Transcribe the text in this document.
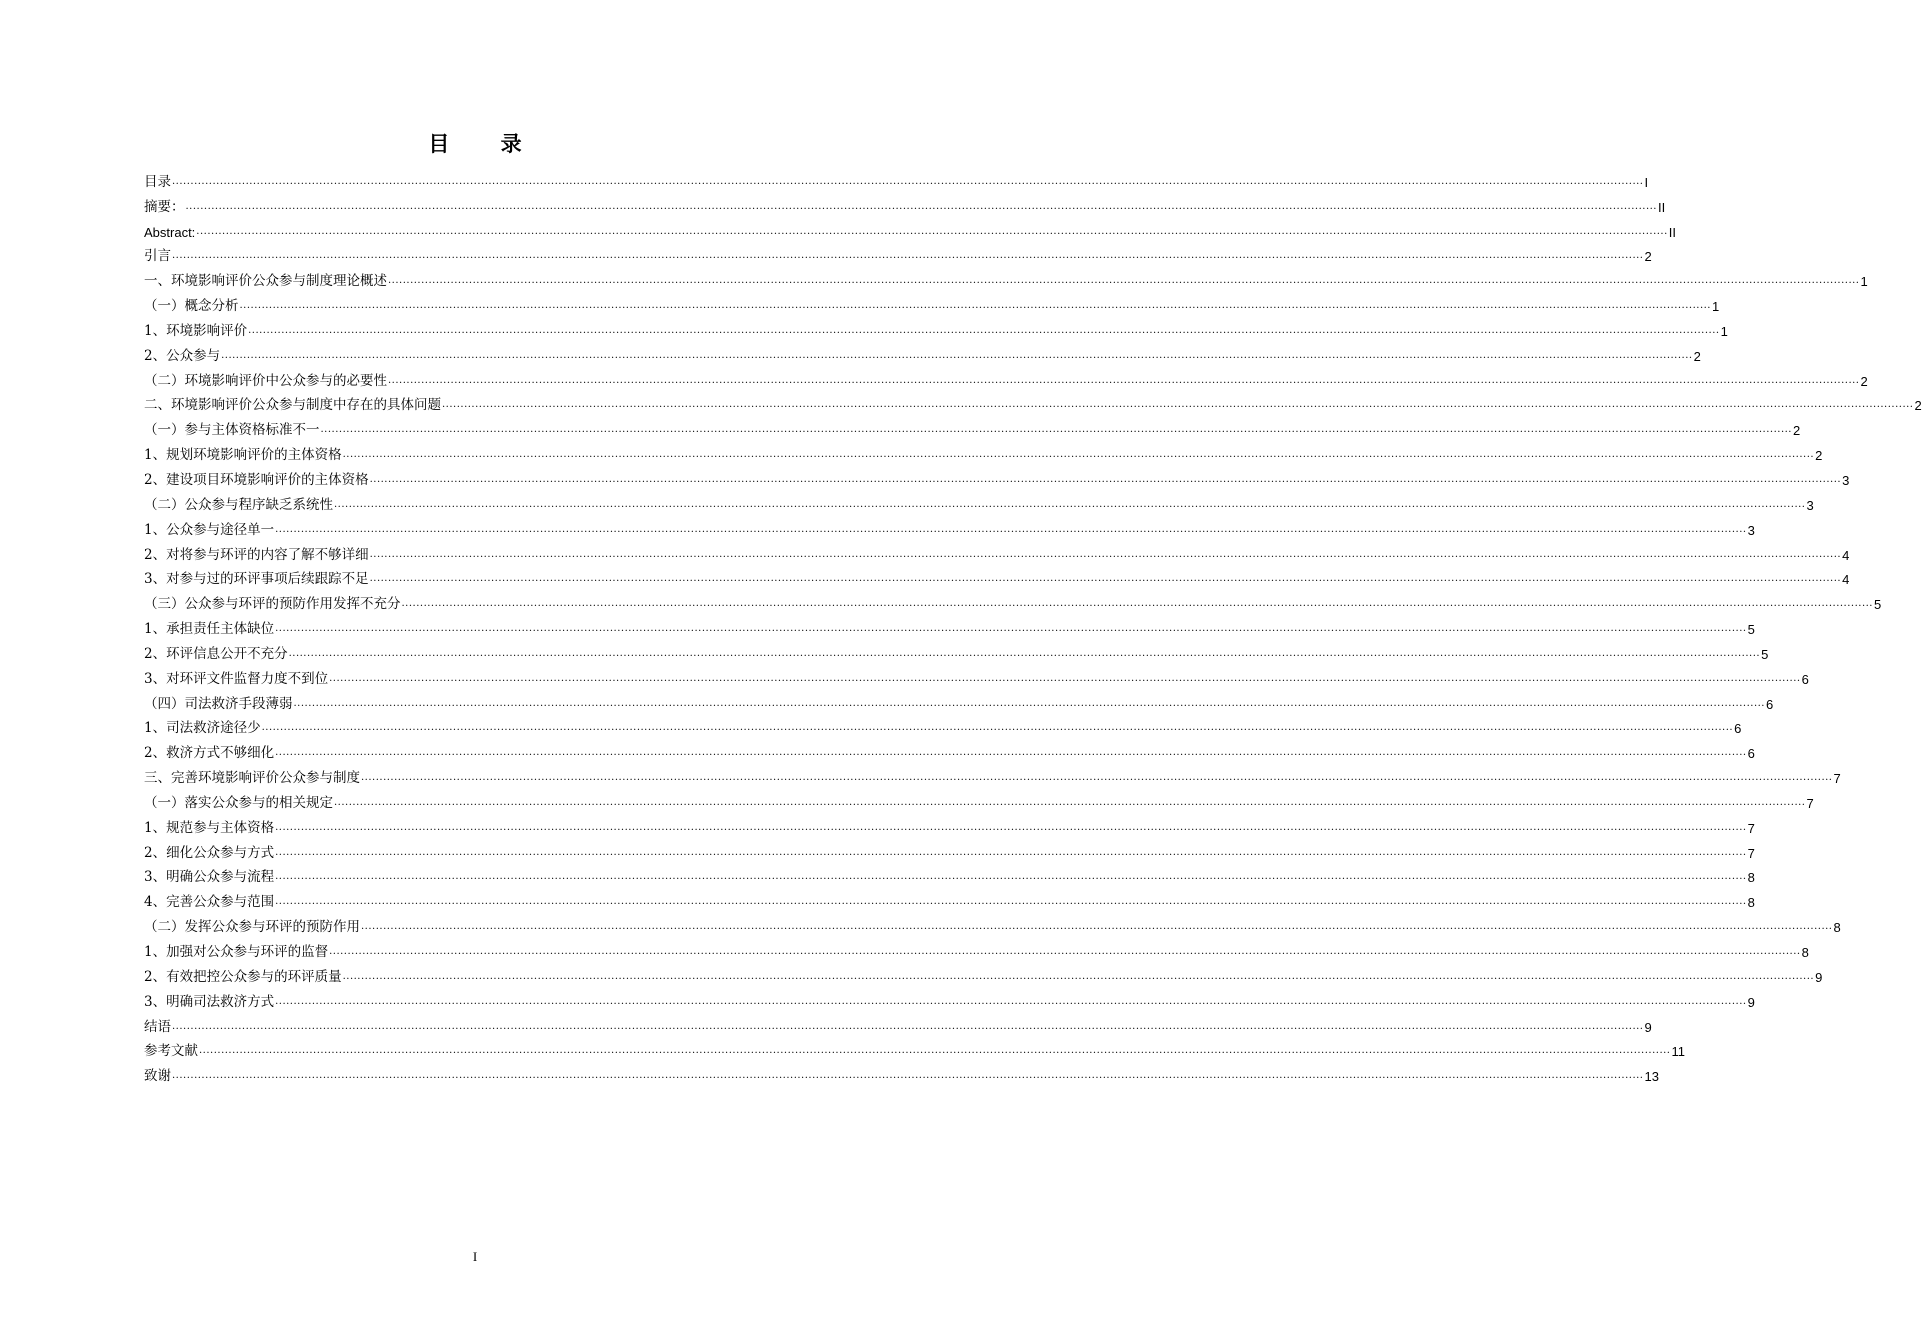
目 录
目录 ................................................................................................................................................................................................................................................................................................................................................................................................................ I
摘要： ................................................................................................................................................................................................................................................................................................................................................................................................................ II
Abstract: ................................................................................................................................................................................................................................................................................................................................................................................................................ II
引言 ................................................................................................................................................................................................................................................................................................................................................................................................................ 2
一、环境影响评价公众参与制度理论概述 ................................................................................................................................................................................................................................................................................................................................................................................................................ 1
（一）概念分析 ................................................................................................................................................................................................................................................................................................................................................................................................................ 1
1、环境影响评价 ................................................................................................................................................................................................................................................................................................................................................................................................................ 1
2、公众参与 ................................................................................................................................................................................................................................................................................................................................................................................................................ 2
（二）环境影响评价中公众参与的必要性 ................................................................................................................................................................................................................................................................................................................................................................................................................ 2
二、环境影响评价公众参与制度中存在的具体问题 ................................................................................................................................................................................................................................................................................................................................................................................................................ 2
（一）参与主体资格标准不一 ................................................................................................................................................................................................................................................................................................................................................................................................................ 2
1、规划环境影响评价的主体资格 ................................................................................................................................................................................................................................................................................................................................................................................................................ 2
2、建设项目环境影响评价的主体资格 ................................................................................................................................................................................................................................................................................................................................................................................................................ 3
（二）公众参与程序缺乏系统性 ................................................................................................................................................................................................................................................................................................................................................................................................................ 3
1、公众参与途径单一 ................................................................................................................................................................................................................................................................................................................................................................................................................ 3
2、对将参与环评的内容了解不够详细 ................................................................................................................................................................................................................................................................................................................................................................................................................ 4
3、对参与过的环评事项后续跟踪不足 ................................................................................................................................................................................................................................................................................................................................................................................................................ 4
（三）公众参与环评的预防作用发挥不充分 ................................................................................................................................................................................................................................................................................................................................................................................................................ 5
1、承担责任主体缺位 ................................................................................................................................................................................................................................................................................................................................................................................................................ 5
2、环评信息公开不充分 ................................................................................................................................................................................................................................................................................................................................................................................................................ 5
3、对环评文件监督力度不到位 ................................................................................................................................................................................................................................................................................................................................................................................................................ 6
（四）司法救济手段薄弱 ................................................................................................................................................................................................................................................................................................................................................................................................................ 6
1、司法救济途径少 ................................................................................................................................................................................................................................................................................................................................................................................................................ 6
2、救济方式不够细化 ................................................................................................................................................................................................................................................................................................................................................................................................................ 6
三、完善环境影响评价公众参与制度 ................................................................................................................................................................................................................................................................................................................................................................................................................ 7
（一）落实公众参与的相关规定 ................................................................................................................................................................................................................................................................................................................................................................................................................ 7
1、规范参与主体资格 ................................................................................................................................................................................................................................................................................................................................................................................................................ 7
2、细化公众参与方式 ................................................................................................................................................................................................................................................................................................................................................................................................................ 7
3、明确公众参与流程 ................................................................................................................................................................................................................................................................................................................................................................................................................ 8
4、完善公众参与范围 ................................................................................................................................................................................................................................................................................................................................................................................................................ 8
（二）发挥公众参与环评的预防作用 ................................................................................................................................................................................................................................................................................................................................................................................................................ 8
1、加强对公众参与环评的监督 ................................................................................................................................................................................................................................................................................................................................................................................................................ 8
2、有效把控公众参与的环评质量 ................................................................................................................................................................................................................................................................................................................................................................................................................ 9
3、明确司法救济方式 ................................................................................................................................................................................................................................................................................................................................................................................................................ 9
结语 ................................................................................................................................................................................................................................................................................................................................................................................................................ 9
参考文献 ................................................................................................................................................................................................................................................................................................................................................................................................................ 11
致谢 ................................................................................................................................................................................................................................................................................................................................................................................................................ 13
I
